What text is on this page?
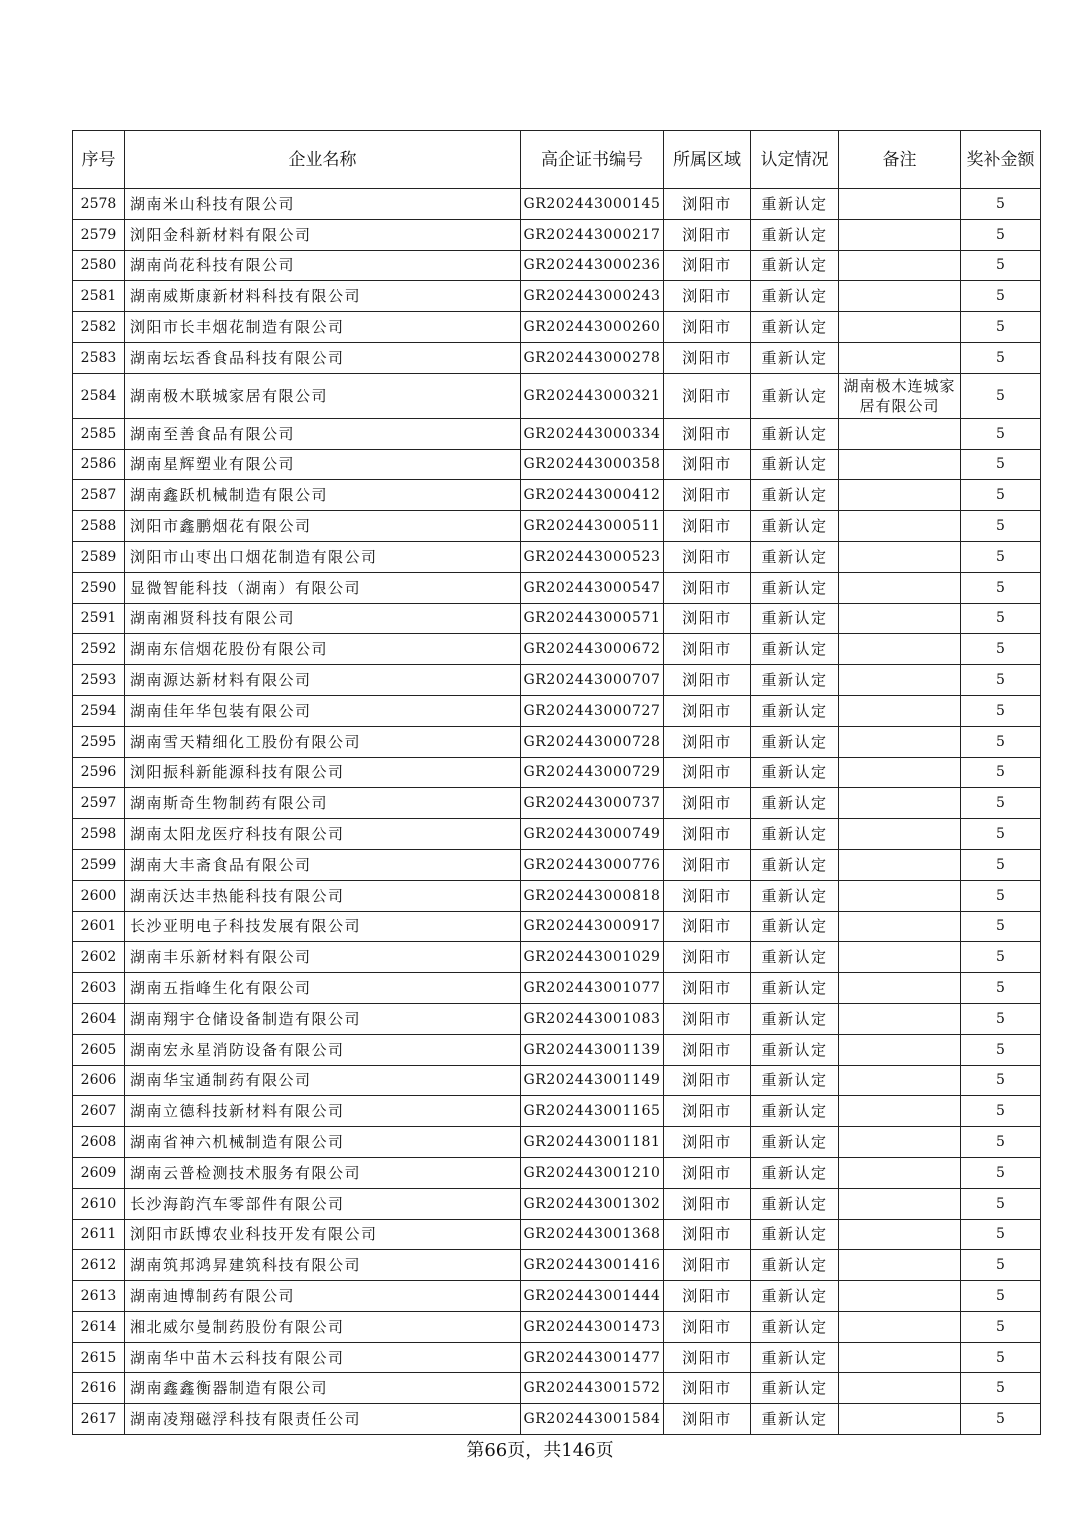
序号	企业名称	高企证书编号	所属区域	认定情况	备注	奖补金额
2578	湖南米山科技有限公司	GR202443000145	浏阳市	重新认定		5
2579	浏阳金科新材料有限公司	GR202443000217	浏阳市	重新认定		5
2580	湖南尚花科技有限公司	GR202443000236	浏阳市	重新认定		5
2581	湖南威斯康新材料科技有限公司	GR202443000243	浏阳市	重新认定		5
2582	浏阳市长丰烟花制造有限公司	GR202443000260	浏阳市	重新认定		5
2583	湖南坛坛香食品科技有限公司	GR202443000278	浏阳市	重新认定		5
2584	湖南极木联城家居有限公司	GR202443000321	浏阳市	重新认定	湖南极木连城家居有限公司	5
2585	湖南至善食品有限公司	GR202443000334	浏阳市	重新认定		5
2586	湖南星辉塑业有限公司	GR202443000358	浏阳市	重新认定		5
2587	湖南鑫跃机械制造有限公司	GR202443000412	浏阳市	重新认定		5
2588	浏阳市鑫鹏烟花有限公司	GR202443000511	浏阳市	重新认定		5
2589	浏阳市山枣出口烟花制造有限公司	GR202443000523	浏阳市	重新认定		5
2590	显微智能科技（湖南）有限公司	GR202443000547	浏阳市	重新认定		5
2591	湖南湘贤科技有限公司	GR202443000571	浏阳市	重新认定		5
2592	湖南东信烟花股份有限公司	GR202443000672	浏阳市	重新认定		5
2593	湖南源达新材料有限公司	GR202443000707	浏阳市	重新认定		5
2594	湖南佳年华包装有限公司	GR202443000727	浏阳市	重新认定		5
2595	湖南雪天精细化工股份有限公司	GR202443000728	浏阳市	重新认定		5
2596	浏阳振科新能源科技有限公司	GR202443000729	浏阳市	重新认定		5
2597	湖南斯奇生物制药有限公司	GR202443000737	浏阳市	重新认定		5
2598	湖南太阳龙医疗科技有限公司	GR202443000749	浏阳市	重新认定		5
2599	湖南大丰斋食品有限公司	GR202443000776	浏阳市	重新认定		5
2600	湖南沃达丰热能科技有限公司	GR202443000818	浏阳市	重新认定		5
2601	长沙亚明电子科技发展有限公司	GR202443000917	浏阳市	重新认定		5
2602	湖南丰乐新材料有限公司	GR202443001029	浏阳市	重新认定		5
2603	湖南五指峰生化有限公司	GR202443001077	浏阳市	重新认定		5
2604	湖南翔宇仓储设备制造有限公司	GR202443001083	浏阳市	重新认定		5
2605	湖南宏永星消防设备有限公司	GR202443001139	浏阳市	重新认定		5
2606	湖南华宝通制药有限公司	GR202443001149	浏阳市	重新认定		5
2607	湖南立德科技新材料有限公司	GR202443001165	浏阳市	重新认定		5
2608	湖南省神六机械制造有限公司	GR202443001181	浏阳市	重新认定		5
2609	湖南云普检测技术服务有限公司	GR202443001210	浏阳市	重新认定		5
2610	长沙海韵汽车零部件有限公司	GR202443001302	浏阳市	重新认定		5
2611	浏阳市跃博农业科技开发有限公司	GR202443001368	浏阳市	重新认定		5
2612	湖南筑邦鸿昇建筑科技有限公司	GR202443001416	浏阳市	重新认定		5
2613	湖南迪博制药有限公司	GR202443001444	浏阳市	重新认定		5
2614	湘北威尔曼制药股份有限公司	GR202443001473	浏阳市	重新认定		5
2615	湖南华中苗木云科技有限公司	GR202443001477	浏阳市	重新认定		5
2616	湖南鑫鑫衡器制造有限公司	GR202443001572	浏阳市	重新认定		5
2617	湖南凌翔磁浮科技有限责任公司	GR202443001584	浏阳市	重新认定		5
第66页，共146页
